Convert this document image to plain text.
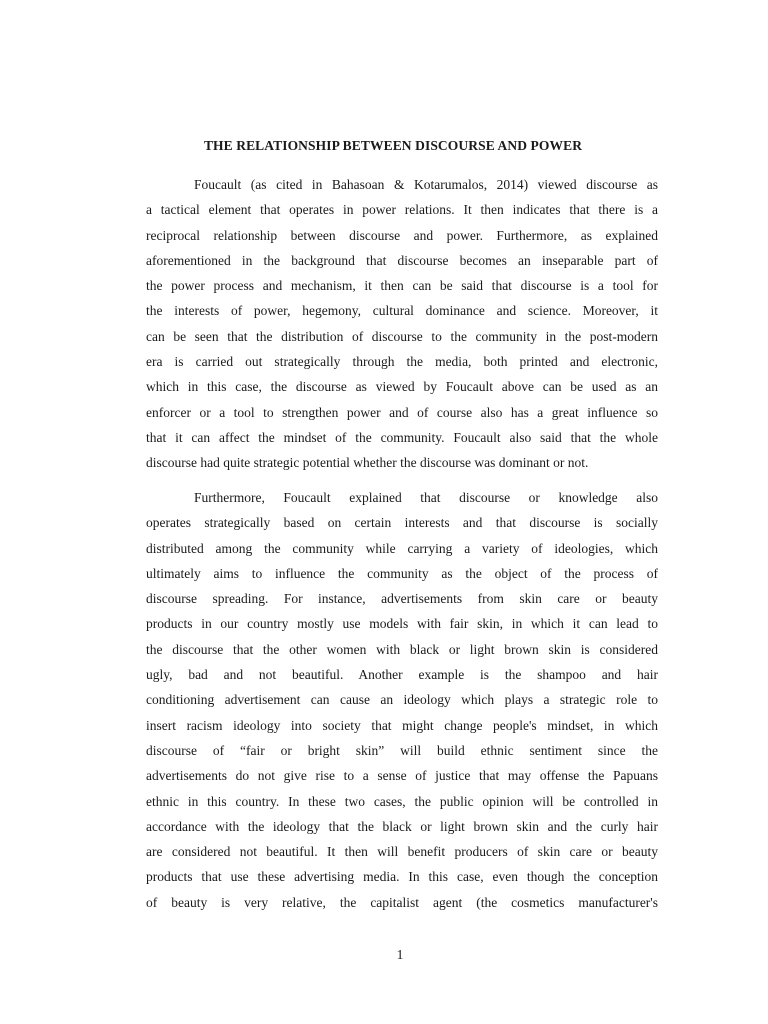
THE RELATIONSHIP BETWEEN DISCOURSE AND POWER
Foucault (as cited in Bahasoan & Kotarumalos, 2014) viewed discourse as
a tactical element that operates in power relations. It then indicates that there is a
reciprocal relationship between discourse and power. Furthermore, as explained
aforementioned in the background that discourse becomes an inseparable part of
the power process and mechanism, it then can be said that discourse is a tool for
the interests of power, hegemony, cultural dominance and science. Moreover, it
can be seen that the distribution of discourse to the community in the post-modern
era is carried out strategically through the media, both printed and electronic,
which in this case, the discourse as viewed by Foucault above can be used as an
enforcer or a tool to strengthen power and of course also has a great influence so
that it can affect the mindset of the community. Foucault also said that the whole
discourse had quite strategic potential whether the discourse was dominant or not.
Furthermore, Foucault explained that discourse or knowledge also
operates strategically based on certain interests and that discourse is socially
distributed among the community while carrying a variety of ideologies, which
ultimately aims to influence the community as the object of the process of
discourse spreading. For instance, advertisements from skin care or beauty
products in our country mostly use models with fair skin, in which it can lead to
the discourse that the other women with black or light brown skin is considered
ugly, bad and not beautiful. Another example is the shampoo and hair
conditioning advertisement can cause an ideology which plays a strategic role to
insert racism ideology into society that might change people's mindset, in which
discourse of “fair or bright skin” will build ethnic sentiment since the
advertisements do not give rise to a sense of justice that may offense the Papuans
ethnic in this country. In these two cases, the public opinion will be controlled in
accordance with the ideology that the black or light brown skin and the curly hair
are considered not beautiful. It then will benefit producers of skin care or beauty
products that use these advertising media. In this case, even though the conception
of beauty is very relative, the capitalist agent (the cosmetics manufacturer's
1
